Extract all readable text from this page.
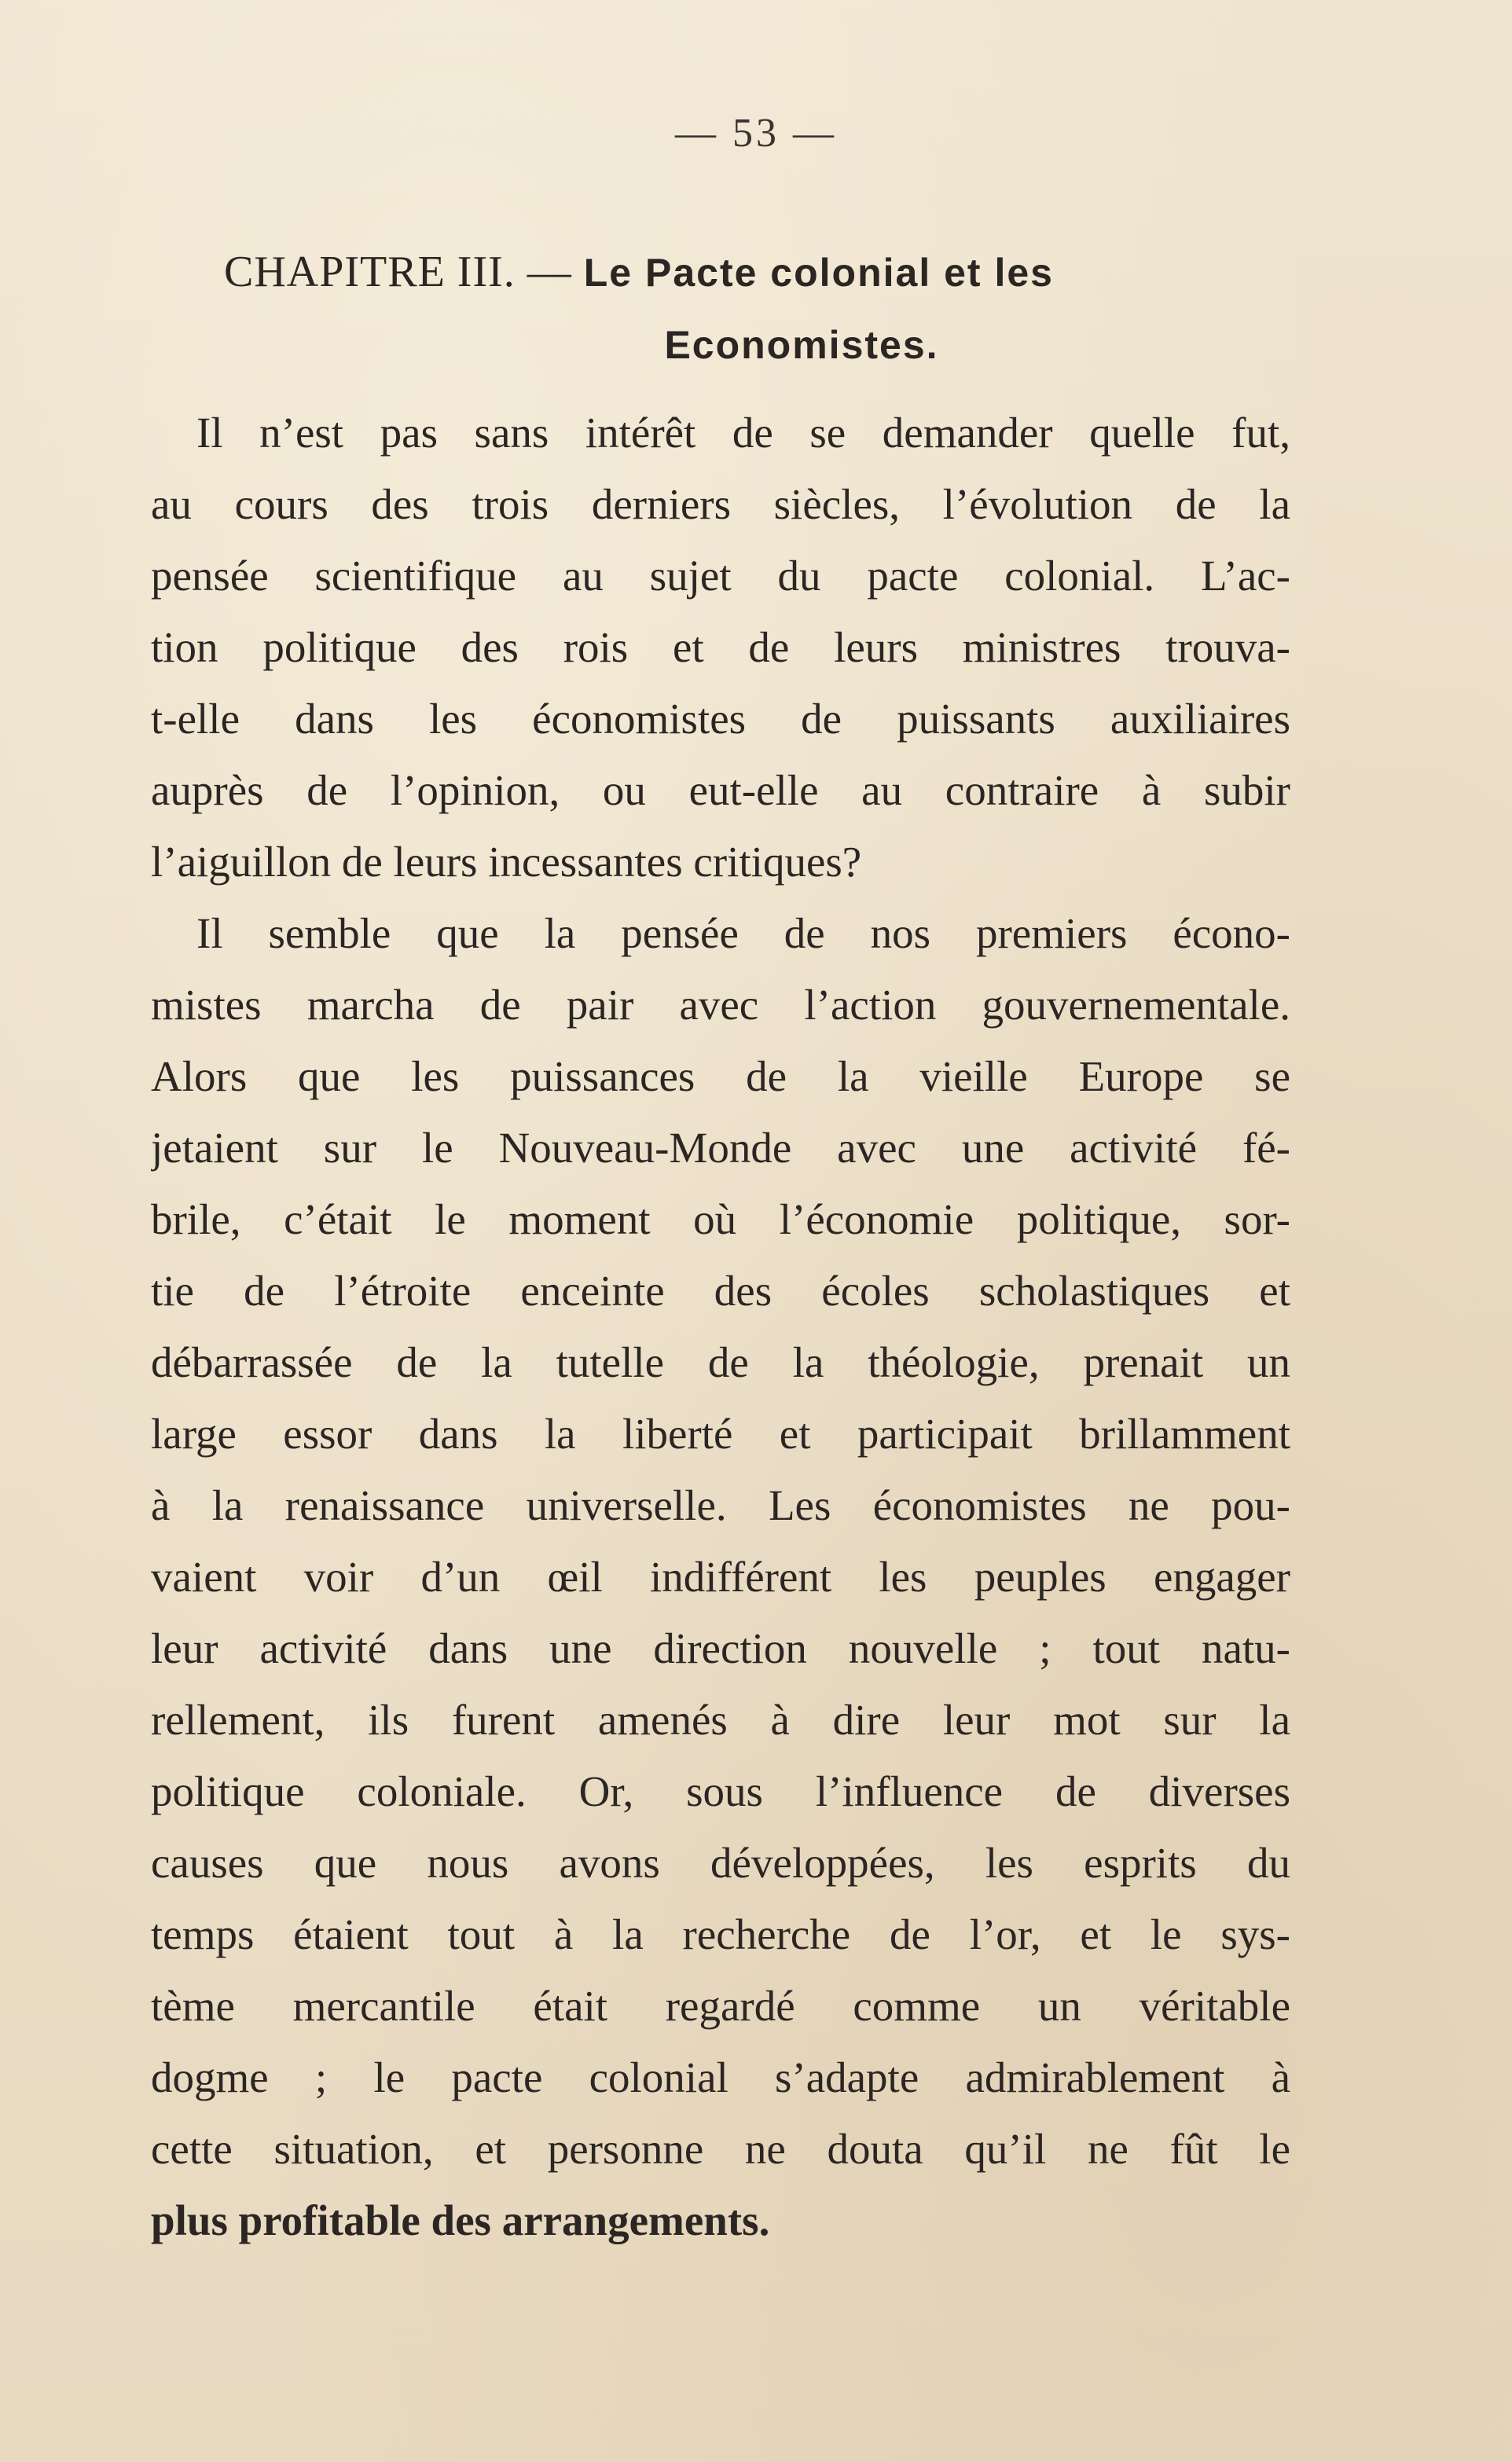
— 53 —
CHAPITRE III. — Le Pacte colonial et les
Economistes.
Il n’est pas sans intérêt de se demander quelle fut,
au cours des trois derniers siècles, l’évolution de la
pensée scientifique au sujet du pacte colonial. L’ac-
tion politique des rois et de leurs ministres trouva-
t-elle dans les économistes de puissants auxiliaires
auprès de l’opinion, ou eut-elle au contraire à subir
l’aiguillon de leurs incessantes critiques?
Il semble que la pensée de nos premiers écono-
mistes marcha de pair avec l’action gouvernementale.
Alors que les puissances de la vieille Europe se
jetaient sur le Nouveau-Monde avec une activité fé-
brile, c’était le moment où l’économie politique, sor-
tie de l’étroite enceinte des écoles scholastiques et
débarrassée de la tutelle de la théologie, prenait un
large essor dans la liberté et participait brillamment
à la renaissance universelle. Les économistes ne pou-
vaient voir d’un œil indifférent les peuples engager
leur activité dans une direction nouvelle ; tout natu-
rellement, ils furent amenés à dire leur mot sur la
politique coloniale. Or, sous l’influence de diverses
causes que nous avons développées, les esprits du
temps étaient tout à la recherche de l’or, et le sys-
tème mercantile était regardé comme un véritable
dogme ; le pacte colonial s’adapte admirablement à
cette situation, et personne ne douta qu’il ne fût le
plus profitable des arrangements.
